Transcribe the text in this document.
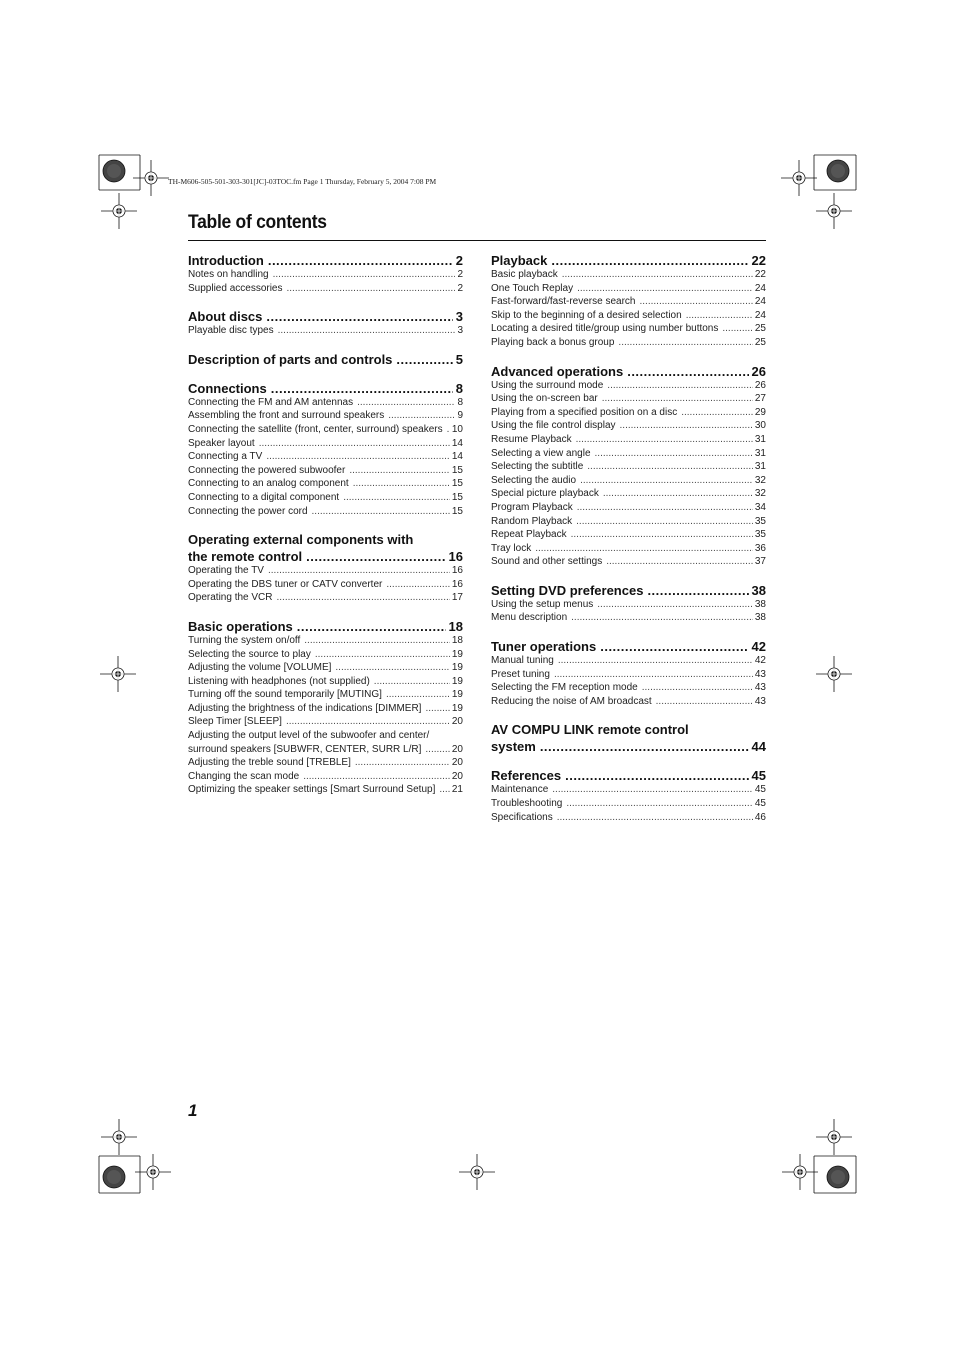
TH-M606-505-501-303-301[JC]-03TOC.fm Page 1 Thursday, February 5, 2004 7:08 PM
Table of contents
Introduction .....	2
Notes on handling .....	2
Supplied accessories .....	2
About discs .....	3
Playable disc types .....	3
Description of parts and controls .....	5
Connections .....	8
Connecting the FM and AM antennas .....	8
Assembling the front and surround speakers .....	9
Connecting the satellite (front, center, surround) speakers ..... 10
Speaker layout .....	14
Connecting a TV .....	14
Connecting the powered subwoofer .....	15
Connecting to an analog component .....	15
Connecting to a digital component .....	15
Connecting the power cord .....	15
Operating external components with
the remote control .....	16
Operating the TV .....	16
Operating the DBS tuner or CATV converter .....	16
Operating the VCR .....	17
Basic operations .....	18
Turning the system on/off .....	18
Selecting the source to play .....	19
Adjusting the volume [VOLUME] .....	19
Listening with headphones (not supplied) .....	19
Turning off the sound temporarily [MUTING] .....	19
Adjusting the brightness of the indications [DIMMER] .....	19
Sleep Timer [SLEEP] .....	20
Adjusting the output level of the subwoofer and center/
surround speakers [SUBWFR, CENTER, SURR L/R] .....	20
Adjusting the treble sound [TREBLE] .....	20
Changing the scan mode .....	20
Optimizing the speaker settings [Smart Surround Setup] ..... 21
Playback .....	22
Basic playback .....	22
One Touch Replay .....	24
Fast-forward/fast-reverse search .....	24
Skip to the beginning of a desired selection .....	24
Locating a desired title/group using number buttons .....	25
Playing back a bonus group .....	25
Advanced operations .....	26
Using the surround mode .....	26
Using the on-screen bar .....	27
Playing from a specified position on a disc .....	29
Using the file control display .....	30
Resume Playback .....	31
Selecting a view angle .....	31
Selecting the subtitle .....	31
Selecting the audio .....	32
Special picture playback .....	32
Program Playback .....	34
Random Playback .....	35
Repeat Playback .....	35
Tray lock .....	36
Sound and other settings .....	37
Setting DVD preferences .....	38
Using the setup menus .....	38
Menu description .....	38
Tuner operations .....	42
Manual tuning .....	42
Preset tuning .....	43
Selecting the FM reception mode .....	43
Reducing the noise of AM broadcast .....	43
AV COMPU LINK remote control
system .....	44
References .....	45
Maintenance .....	45
Troubleshooting .....	45
Specifications .....	46
1
